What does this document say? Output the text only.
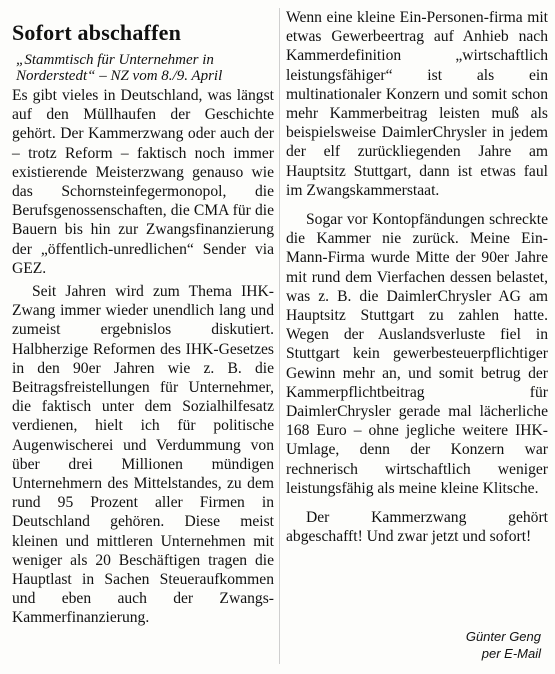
Sofort abschaffen
„Stammtisch für Unternehmer in Norderstedt“ – NZ vom 8./9. April

Es gibt vieles in Deutschland, was längst auf den Müllhaufen der Geschichte gehört. Der Kammerzwang oder auch der – trotz Reform – faktisch noch immer existierende Meisterzwang genauso wie das Schornsteinfegermonopol, die Berufsgenossenschaften, die CMA für die Bauern bis hin zur Zwangsfinanzierung der „öffentlich-unredlichen“ Sender via GEZ.

Seit Jahren wird zum Thema IHK-Zwang immer wieder unendlich lang und zumeist ergebnislos diskutiert. Halbherzige Reformen des IHK-Gesetzes in den 90er Jahren wie z. B. die Beitragsfreistellungen für Unternehmer, die faktisch unter dem Sozialhilfesatz verdienen, hielt ich für politische Augenwischerei und Verdummung von über drei Millionen mündigen Unternehmern des Mittelstandes, zu dem rund 95 Prozent aller Firmen in Deutschland gehören. Diese meist kleinen und mittleren Unternehmen mit weniger als 20 Beschäftigen tragen die Hauptlast in Sachen Steueraufkommen und eben auch der Zwangs-Kammerfinanzierung.

Wenn eine kleine Ein-Personen-firma mit etwas Gewerbeertrag auf Anhieb nach Kammerdefinition „wirtschaftlich leistungsfähiger“ ist als ein multinationaler Konzern und somit schon mehr Kammerbeitrag leisten muß als beispielsweise DaimlerChrysler in jedem der elf zurückliegenden Jahre am Hauptsitz Stuttgart, dann ist etwas faul im Zwangskammerstaat.

Sogar vor Kontopfändungen schreckte die Kammer nie zurück. Meine Ein-Mann-Firma wurde Mitte der 90er Jahre mit rund dem Vierfachen dessen belastet, was z. B. die DaimlerChrysler AG am Hauptsitz Stuttgart zu zahlen hatte. Wegen der Auslandsverluste fiel in Stuttgart kein gewerbesteuerpflichtiger Gewinn mehr an, und somit betrug der Kammerpflichtbeitrag für DaimlerChrysler gerade mal lächerliche 168 Euro – ohne jegliche weitere IHK-Umlage, denn der Konzern war rechnerisch wirtschaftlich weniger leistungsfähig als meine kleine Klitsche.

Der Kammerzwang gehört abgeschafft! Und zwar jetzt und sofort!

Günter Geng
per E-Mail
